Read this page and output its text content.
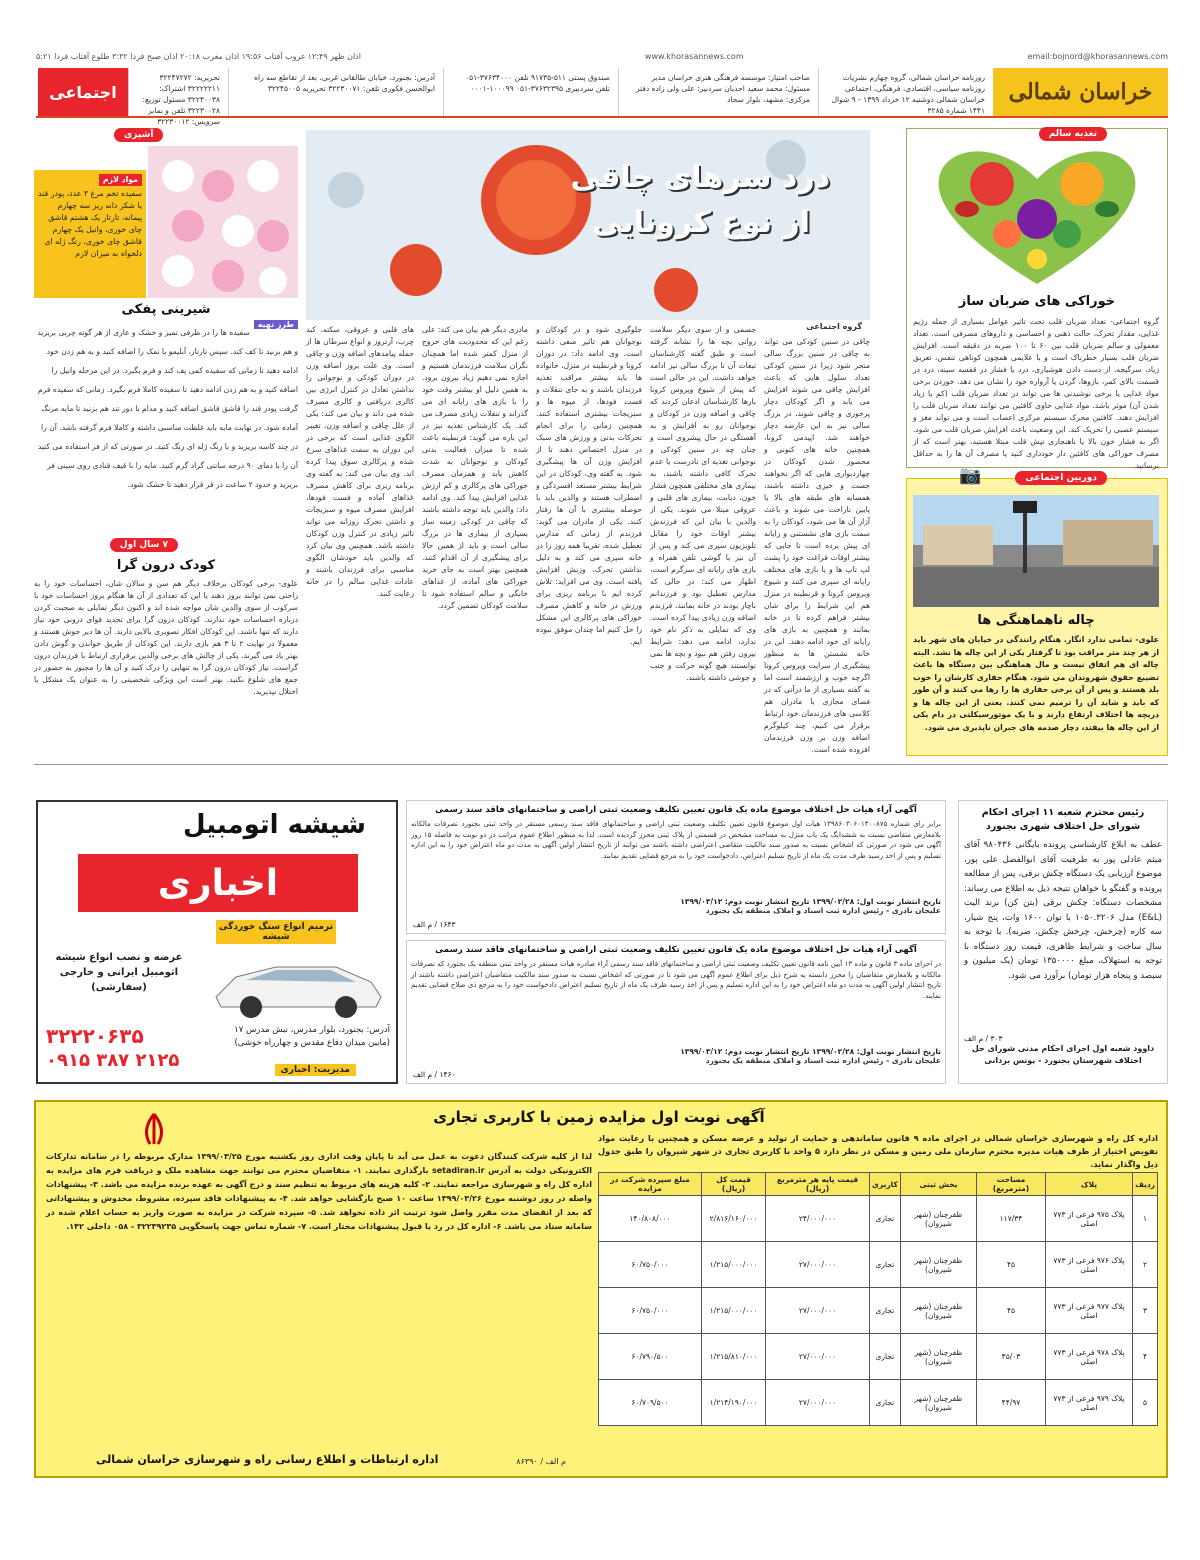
اذان ظهر ۱۲:۴۹ غروب آفتاب ۱۹:۵۶ اذان مغرب ۲۰:۱۸ اذان صبح فردا ۳:۳۲ طلوع آفتاب فردا ۵:۲۱	www.khorasannews.com	email:bojnord@khorasannews.com
خراسان شمالی
روزنامه خراسان شمالی، گروه چهارم نشریات روزنامه سیاسی، اقتصادی، فرهنگی، اجتماعی خراسان شمالی دوشنبه ۱۲ خرداد ۱۳۹۹ - ۹ شوال ۱۴۴۱ شماره ۳۲۸۵
صاحب امتیاز: موسسه فرهنگی هنری خراسان مدیر مسئول: محمد سعید احدیان سردبیر: علی ولی زاده دفتر مرکزی: مشهد، بلوار سجاد
صندوق پستی ۵۱۱-۹۱۷۳۵ تلفن ۳۷۶۳۴۰۰۰-۰۵۱ تلفن سردبیری ۳۷۶۳۲۳۹۵-۰۵۱ ۱۰۰۰۹۹-۰۰۰۱
آدرس: بجنورد، خیابان طالقانی غربی، بعد از تقاطع سه راه ابوالحسن فکوری تلفن: ۳۲۲۳۰۰۷۱ تحریریه ۳۲۲۴۵۰۰۵
تحریریه: ۳۲۲۴۷۲۷۲ ۳۲۲۲۲۲۱۱ اشتراک: ۳۲۲۳۰۰۳۸ مسئول توزیع: ۳۲۲۳۰۰۲۸ تلفن و نمابر سرویس: ۳۲۲۳۰۰۱۲
اجتماعی
تغذیه سالم
خوراکی های ضربان ساز
گروه اجتماعی- تعداد ضربان قلب تحت تاثیر عوامل بسیاری از جمله رژیم غذایی، مقدار تحرک، حالت ذهنی و احساسی و داروهای مصرفی است. تعداد معمولی و سالم ضربان قلب بین ۶۰ تا ۱۰۰ ضربه در دقیقه است. افزایش ضربان قلب بسیار خطرناک است و با علایمی همچون کوتاهی تنفس، تعریق زیاد، سرگیجه، از دست دادن هوشیاری، درد یا فشار در قفسه سینه، درد در قسمت بالای کمر، بازوها، گردن یا آرواره خود را نشان می دهد. خوردن برخی مواد غذایی یا برخی نوشیدنی ها می تواند در تعداد ضربان قلب (کم یا زیاد شدن آن) موثر باشد. مواد غذایی حاوی کافئین می توانند تعداد ضربان قلب را افزایش دهند. کافئین محرک سیستم مرکزی اعصاب است و می تواند مغز و سیستم عصبی را تحریک کند. این وضعیت باعث افزایش ضربان قلب می شود. اگر به فشار خون بالا یا ناهنجاری تپش قلب مبتلا هستید، بهتر است که از مصرف خوراکی های کافئین دار خودداری کنید یا مصرف آن ها را به حداقل برسانید.
دوربین اجتماعی
📷
چاله ناهماهنگی ها
علوی- تمامی ندارد انگار. هنگام رانندگی در خیابان های شهر باید از هر چند متر مراقب بود تا گرفتار یکی از این چاله ها نشد. البته چاله ای هم اتفاق نیست و مال هماهنگی بین دستگاه ها باعث تضییع حقوق شهروندان می شود. هنگام حفاری کارشان را خوب بلد هستند و پس از آن برخی حفاری ها را رها می کنند و آن طور که باید و شاید آن را ترمیم نمی کنند. یعنی از این چاله ها و دریچه ها اختلاف ارتفاع دارند و با یک موتورسیکلتی در دام یکی از این چاله ها بیفتد، دچار صدمه های جبران ناپذیری می شود.
درد سرهای چاقی
از نوع کرونایی
گروه اجتماعی
چاقی در سنین کودکی می تواند به چاقی در سنین بزرگ سالی منجر شود زیرا در سنین کودکی تعداد سلول هایی که باعث افزایش چاقی می شوند افزایش می یابد و اگر کودکان دچار پرخوری و چاقی شوند، در بزرگ سالی نیز به این عارضه دچار خواهند شد. اپیدمی کرونا، همچنین خانه های کنونی و محصور شدن کودکان در چهاردیواری هایی که اگر بخواهند جست و خیزی داشته باشند، همسایه های طبقه های بالا یا پایین ناراحت می شوند و باعث آزار آن ها می شود، کودکان را به سمت بازی های نشستنی و رایانه ای پیش برده است تا جایی که بیشتر اوقات فراغت خود را پشت لپ تاپ ها و یا بازی های مختلف رایانه ای سپری می کنند و شیوع ویروس کرونا و قرنطینه در منزل هم این شرایط را برای شان بیشتر فراهم کرده تا در خانه بمانند و همچنین به بازی های رایانه ای خود ادامه دهند. این در خانه نشستن ها به منظور پیشگیری از سرایت ویروس کرونا اگرچه خوب و ارزشمند است اما به گفته بسیاری از ما درآتی که در فضای مجازی با مادران هم کلاسی های فرزندمان خود ارتباط برقرار می کنیم، چند کیلوگرم اضافه وزن بر وزن فرزندمان افزوده شده است.
جسمی و از سوی دیگر سلامت روانی بچه ها را نشانه گرفته است و طبق گفته کارشناسان تبعات آن تا بزرگ سالی نیز ادامه خواهد داشت. این در حالی است که پیش از شیوع ویروس کرونا بارها کارشناسان اذعان کردند که چاقی و اضافه وزن در کودکان و نوجوانان رو به افزایش و به آهستگی در حال پیشروی است و چنان چه در سنین کودکی و نوجوانی تغذیه ای نادرست یا عدم تحرک کافی داشته باشند، به بیماری های مختلفی همچون فشار خون، دیابت، بیماری های قلبی و عروقی مبتلا می شوند. یکی از والدین با بیان این که فرزندش بیشتر اوقات خود را مقابل تلویزیون سپری می کند و پس از آن نیز با گوشی تلفن همراه و بازی های رایانه ای سرگرم است، اظهار می کند: در حالی که مدارس تعطیل بود و فرزندانم ناچار بودند در خانه بمانند، فرزندم اضافه وزن زیادی پیدا کرده است. وی که تمایلی به ذکر نام خود ندارد، ادامه می دهد: شرایط بیرون رفتن هم نبود و بچه ها نمی توانستند هیچ گونه حرکت و جنب و جوشی داشته باشند.
جلوگیری شود و در کودکان و نوجوانان هم تاثیر منفی داشته است. وی ادامه داد: در دوران کرونا و قرنطینه در منزل، خانواده ها باید بیشتر مراقب تغذیه فرزندان باشند و به جای تنقلات و فست فودها، از میوه ها و سبزیجات بیشتری استفاده کنند. همچنین زمانی را برای انجام تحرکات بدنی و ورزش های سبک در منزل اختصاص دهند تا از افزایش وزن آن ها پیشگیری شود. به گفته وی، کودکان در این شرایط بیشتر مستعد افسردگی و اضطراب هستند و والدین باید با حوصله بیشتری با آن ها رفتار کنند. یکی از مادران می گوید: فرزندم از زمانی که مدارس تعطیل شده، تقریبا همه روز را در خانه سپری می کند و به دلیل نداشتن تحرک، وزنش افزایش یافته است. وی می افزاید: تلاش کرده ایم با برنامه ریزی برای ورزش در خانه و کاهش مصرف خوراکی های پرکالری این مشکل را حل کنیم اما چندان موفق نبوده ایم.
مادری دیگر هم بیان می کند: علی رغم این که محدودیت های خروج از منزل کمتر شده اما همچنان نگران سلامت فرزندمان هستیم و اجازه نمی دهیم زیاد بیرون برود. به همین دلیل او بیشتر وقت خود را با بازی های رایانه ای می گذراند و تنقلات زیادی مصرف می کند. یک کارشناس تغذیه نیز در این باره می گوید: قرنطینه باعث شده تا میزان فعالیت بدنی کودکان و نوجوانان به شدت کاهش یابد و همزمان مصرف خوراکی های پرکالری و کم ارزش غذایی افزایش پیدا کند. وی ادامه داد: والدین باید توجه داشته باشند که چاقی در کودکی زمینه ساز بسیاری از بیماری ها در بزرگ سالی است و باید از همین حالا برای پیشگیری از آن اقدام کنند. همچنین بهتر است به جای خرید خوراکی های آماده، از غذاهای خانگی و سالم استفاده شود تا سلامت کودکان تضمین گردد.
های قلبی و عروقی، سکته، کبد چرب، آرتروز و انواع سرطان ها از جمله پیامدهای اضافه وزن و چاقی است. وی علت بروز اضافه وزن در دوران کودکی و نوجوانی را نداشتن تعادل در کنترل انرژی بین کالری دریافتی و کالری مصرف شده می داند و بیان می کند: یکی از علل چاقی و اضافه وزن، تغییر الگوی غذایی است که برخی در این دوران به سمت غذاهای سرخ شده و پرکالری سوق پیدا کرده اند. وی بیان می کند: به گفته وی برنامه ریزی برای کاهش مصرف غذاهای آماده و فست فودها، افزایش مصرف میوه و سبزیجات و داشتن تحرک روزانه می تواند تاثیر زیادی در کنترل وزن کودکان داشته باشد. همچنین وی بیان کرد که والدین باید خودشان الگوی مناسبی برای فرزندان باشند و عادات غذایی سالم را در خانه رعایت کنند.
آشپزی
مواد لازم
سفیده تخم مرغ ۳ عدد، پودر قند یا شکر دانه ریز سه چهارم پیمانه، تارتار یک هشتم قاشق چای خوری، وانیل یک چهارم قاشق چای خوری، رنگ ژله ای دلخواه به میزان لازم
شیرینی پفکی
طرز تهیه
سفیده ها را در ظرفی تمیز و خشک و عاری از هر گونه چربی بریزید و هم بزنید تا کف کند. سپس تارتار، آبلیمو یا نمک را اضافه کنید و به هم زدن خود ادامه دهید تا زمانی که سفیده کمی پف کند و فرم بگیرد. در این مرحله وانیل را اضافه کنید و به هم زدن ادامه دهید تا سفیده کاملا فرم بگیرد. زمانی که سفیده فرم گرفت پودر قند را قاشق قاشق اضافه کنید و مدام با دور تند هم بزنید تا مایه مرنگ آماده شود. در نهایت مایه باید غلظت مناسبی داشته و کاملا فرم گرفته باشد. آن را در چند کاسه بریزید و با رنگ ژله ای رنگ کنید. در صورتی که از فر استفاده می کنید آن را با دمای ۹۰ درجه سانتی گراد گرم کنید. مایه را با قیف قنادی روی سینی فر بریزید و حدود ۲ ساعت در فر قرار دهید تا خشک شود.
۷ سال اول
کودک درون گرا
علوی- برخی کودکان برخلاف دیگر هم سن و سالان شان، احساسات خود را به راحتی نمی توانند بروز دهند یا این که تعدادی از آن ها هنگام بروز احساسات خود با سرکوب از سوی والدین شان مواجه شده اند و اکنون دیگر تمایلی به صحبت کردن درباره احساسات خود ندارند. کودکان درون گرا برای تجدید قوای درونی خود نیاز دارند که تنها باشند. این کودکان افکار تصویری بالایی دارند. آن ها دیر جوش هستند و معمولا در نهایت ۲ تا ۳ هم بازی دارند. این کودکان از طریق خواندن و گوش دادن بهتر یاد می گیرند. یکی از چالش های برخی والدین برقراری ارتباط با فرزندان درون گراست. نیاز کودکان درون گرا به تنهایی را درک کنید و آن ها را مجبور به حضور در جمع های شلوغ نکنید. بهتر است این ویژگی شخصیتی را به عنوان یک مشکل یا اختلال نپذیرید.
شیشه اتومبیل
اخباری
ترمیم انواع سنگ خوردگی شیشه
عرضه و نصب انواع شیشه اتومبیل ایرانی و خارجی (سفارشی)
۳۲۲۲۰۶۳۵
۰۹۱۵ ۳۸۷ ۲۱۲۵
آدرس: بجنورد، بلوار مدرس، نبش مدرس ۱۷ (مابین میدان دفاع مقدس و چهارراه خوشی)
مدیریت: اخباری
آگهی آراء هیات حل اختلاف موضوع ماده یک قانون تعیین تکلیف وضعیت ثبتی اراضی و ساختمانهای فاقد سند رسمی
برابر رای شماره ۱۳۹۸۶۰۳۰۶۰۱۴۰۰۸۷۵ هیات اول موضوع قانون تعیین تکلیف وضعیت ثبتی اراضی و ساختمانهای فاقد سند رسمی مستقر در واحد ثبتی بجنورد تصرفات مالکانه بلامعارض متقاضی نسبت به ششدانگ یک باب منزل به مساحت مشخص در قسمتی از پلاک ثبتی محرز گردیده است. لذا به منظور اطلاع عموم مراتب در دو نوبت به فاصله ۱۵ روز آگهی می شود در صورتی که اشخاص نسبت به صدور سند مالکیت متقاضی اعتراضی داشته باشند می توانند از تاریخ انتشار اولین آگهی به مدت دو ماه اعتراض خود را به این اداره تسلیم و پس از اخذ رسید ظرف مدت یک ماه از تاریخ تسلیم اعتراض، دادخواست خود را به مرجع قضایی تقدیم نمایند.
تاریخ انتشار نوبت اول: ۱۳۹۹/۰۲/۲۸ تاریخ انتشار نوبت دوم: ۱۳۹۹/۰۳/۱۲
علیجان نادری - رئیس اداره ثبت اسناد و املاک منطقه یک بجنورد
۱۶۴۳ / م الف
آگهی آراء هیات حل اختلاف موضوع ماده یک قانون تعیین تکلیف وضعیت ثبتی اراضی و ساختمانهای فاقد سند رسمی
در اجرای ماده ۳ قانون و ماده ۱۳ آیین نامه قانون تعیین تکلیف وضعیت ثبتی اراضی و ساختمانهای فاقد سند رسمی آراء صادره هیات مستقر در واحد ثبتی منطقه یک بجنورد که تصرفات مالکانه و بلامعارض متقاضیان را محرز دانسته به شرح ذیل برای اطلاع عموم آگهی می شود تا در صورتی که اشخاص نسبت به صدور سند مالکیت متقاضیان اعتراضی داشته باشند از تاریخ انتشار اولین آگهی به مدت دو ماه اعتراض خود را به این اداره تسلیم و پس از اخذ رسید ظرف یک ماه از تاریخ تسلیم اعتراض دادخواست خود را به مرجع ذی صلاح قضایی تقدیم نمایند.
تاریخ انتشار نوبت اول: ۱۳۹۹/۰۲/۲۸ تاریخ انتشار نوبت دوم: ۱۳۹۹/۰۳/۱۲
علیجان نادری - رئیس اداره ثبت اسناد و املاک منطقه یک بجنورد
۱۴۶۰ / م الف
رئیس محترم شعبه ۱۱ اجرای احکام شورای حل اختلاف شهری بجنورد
عطف به ابلاغ کارشناسی پرونده بایگانی ۹۸۰۴۳۶ آقای میثم عادلی پور به طرفیت آقای ابوالفضل علی پور، موضوع ارزیابی یک دستگاه چکش برقی، پس از مطالعه پرونده و گفتگو با خواهان نتیجه ذیل به اطلاع می رساند: مشخصات دستگاه: چکش برقی (بتن کن) برند الیت (E&L) مدل ۱۰۵۰.۳۲۰۶ با توان ۱۶۰۰ وات، پنج شیار، سه کاره (چرخش، چرخش چکش، ضربه). با توجه به سال ساخت و شرایط ظاهری، قیمت روز دستگاه با توجه به استهلاک، مبلغ ۱۳۵۰۰۰۰ تومان (یک میلیون و سیصد و پنجاه هزار تومان) برآورد می شود.
۳۰۳ / م الف
داوود شعبه اول اجرای احکام مدنی شورای حل اختلاف شهرستان بجنورد - یونس بردانی
آگهی نوبت اول مزایده زمین با کاربری تجاری
اداره کل راه و شهرسازی خراسان شمالی در اجرای ماده ۹ قانون ساماندهی و حمایت از تولید و عرضه مسکن و همچنین با رعایت مواد تفویض اختیار از طرف هیات مدیره محترم سازمان ملی زمین و مسکن در نظر دارد ۵ واحد با کاربری تجاری در شهر شیروان را طبق جدول ذیل واگذار نماید.
ردیف	پلاک	مساحت (مترمربع)	بخش ثبتی	کاربری	قیمت پایه هر مترمربع (ریال)	قیمت کل (ریال)	مبلغ سپرده شرکت در مزایده
۱	پلاک ۹۷۵ فرعی از ۷۷۳ اصلی	۱۱۷/۳۴	ظفرچنان (شهر شیروان)	تجاری	۲۴/۰۰۰/۰۰۰	۲/۸۱۶/۱۶۰/۰۰۰	۱۴۰/۸۰۸/۰۰۰
۲	پلاک ۹۷۶ فرعی از ۷۷۳ اصلی	۴۵	ظفرچنان (شهر شیروان)	تجاری	۲۷/۰۰۰/۰۰۰	۱/۲۱۵/۰۰۰/۰۰۰	۶۰/۷۵۰/۰۰۰
۳	پلاک ۹۷۷ فرعی از ۷۷۳ اصلی	۴۵	ظفرچنان (شهر شیروان)	تجاری	۲۷/۰۰۰/۰۰۰	۱/۲۱۵/۰۰۰/۰۰۰	۶۰/۷۵۰/۰۰۰
۴	پلاک ۹۷۸ فرعی از ۷۷۳ اصلی	۴۵/۰۳	ظفرچنان (شهر شیروان)	تجاری	۲۷/۰۰۰/۰۰۰	۱/۲۱۵/۸۱۰/۰۰۰	۶۰/۷۹۰/۵۰۰
۵	پلاک ۹۷۹ فرعی از ۷۷۳ اصلی	۴۴/۹۷	ظفرچنان (شهر شیروان)	تجاری	۲۷/۰۰۰/۰۰۰	۱/۲۱۴/۱۹۰/۰۰۰	۶۰/۷۰۹/۵۰۰
لذا از کلیه شرکت کنندگان دعوت به عمل می آید تا پایان وقت اداری روز یکشنبه مورخ ۱۳۹۹/۰۳/۲۵ مدارک مربوطه را در سامانه تدارکات الکترونیکی دولت به آدرس setadiran.ir بارگذاری نمایند. ۱- متقاضیان محترم می توانند جهت مشاهده ملک و دریافت فرم های مزایده به اداره کل راه و شهرسازی مراجعه نمایند. ۲- کلیه هزینه های مربوط به تنظیم سند و درج آگهی به عهده برنده مزایده می باشد. ۳- پیشنهادات واصله در روز دوشنبه مورخ ۱۳۹۹/۰۳/۲۶ ساعت ۱۰ صبح بازگشایی خواهد شد. ۴- به پیشنهادات فاقد سپرده، مشروط، مخدوش و پیشنهاداتی که بعد از انقضای مدت مقرر واصل شود ترتیب اثر داده نخواهد شد. ۵- سپرده شرکت در مزایده به صورت واریز به حساب اعلام شده در سامانه ستاد می باشد. ۶- اداره کل در رد یا قبول پیشنهادات مختار است. ۷- شماره تماس جهت پاسخگویی ۳۲۲۳۹۲۳۵ - ۰۵۸ داخلی ۱۴۲.
اداره ارتباطات و اطلاع رسانی راه و شهرسازی خراسان شمالی	م الف / ۸۶۳۹۰
